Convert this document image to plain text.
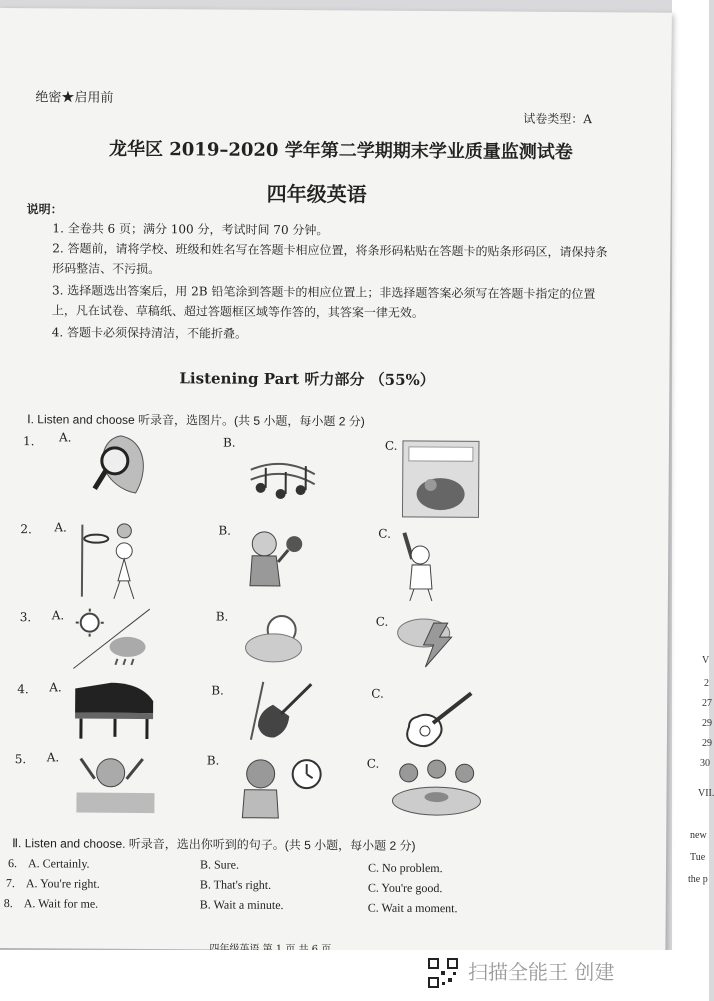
V
2
27
29
29
30
VII.
new
Tue
the p
绝密★启用前
试卷类型：A
龙华区 2019–2020 学年第二学期期末学业质量监测试卷
四年级英语
说明：
1. 全卷共 6 页；满分 100 分，考试时间 70 分钟。
2. 答题前，请将学校、班级和姓名写在答题卡相应位置，将条形码粘贴在答题卡的贴条形码区，请保持条形码整洁、不污损。
3. 选择题选出答案后，用 2B 铅笔涂到答题卡的相应位置上；非选择题答案必须写在答题卡指定的位置上，凡在试卷、草稿纸、超过答题框区域等作答的，其答案一律无效。
4. 答题卡必须保持清洁，不能折叠。
Listening Part 听力部分 （55%）
Ⅰ. Listen and choose 听录音，选图片。(共 5 小题，每小题 2 分)
1. A.	B.	C.
2. A.	B.	C.
3. A.	B.	C.
4. A.	B.	C.
5. A.	B.	C.
Ⅱ. Listen and choose. 听录音，选出你听到的句子。(共 5 小题，每小题 2 分)
6. A. Certainly.	B. Sure.	C. No problem.
7. A. You're right.	B. That's right.	C. You're good.
8. A. Wait for me.	B. Wait a minute.	C. Wait a moment.
扫描全能王 创建
